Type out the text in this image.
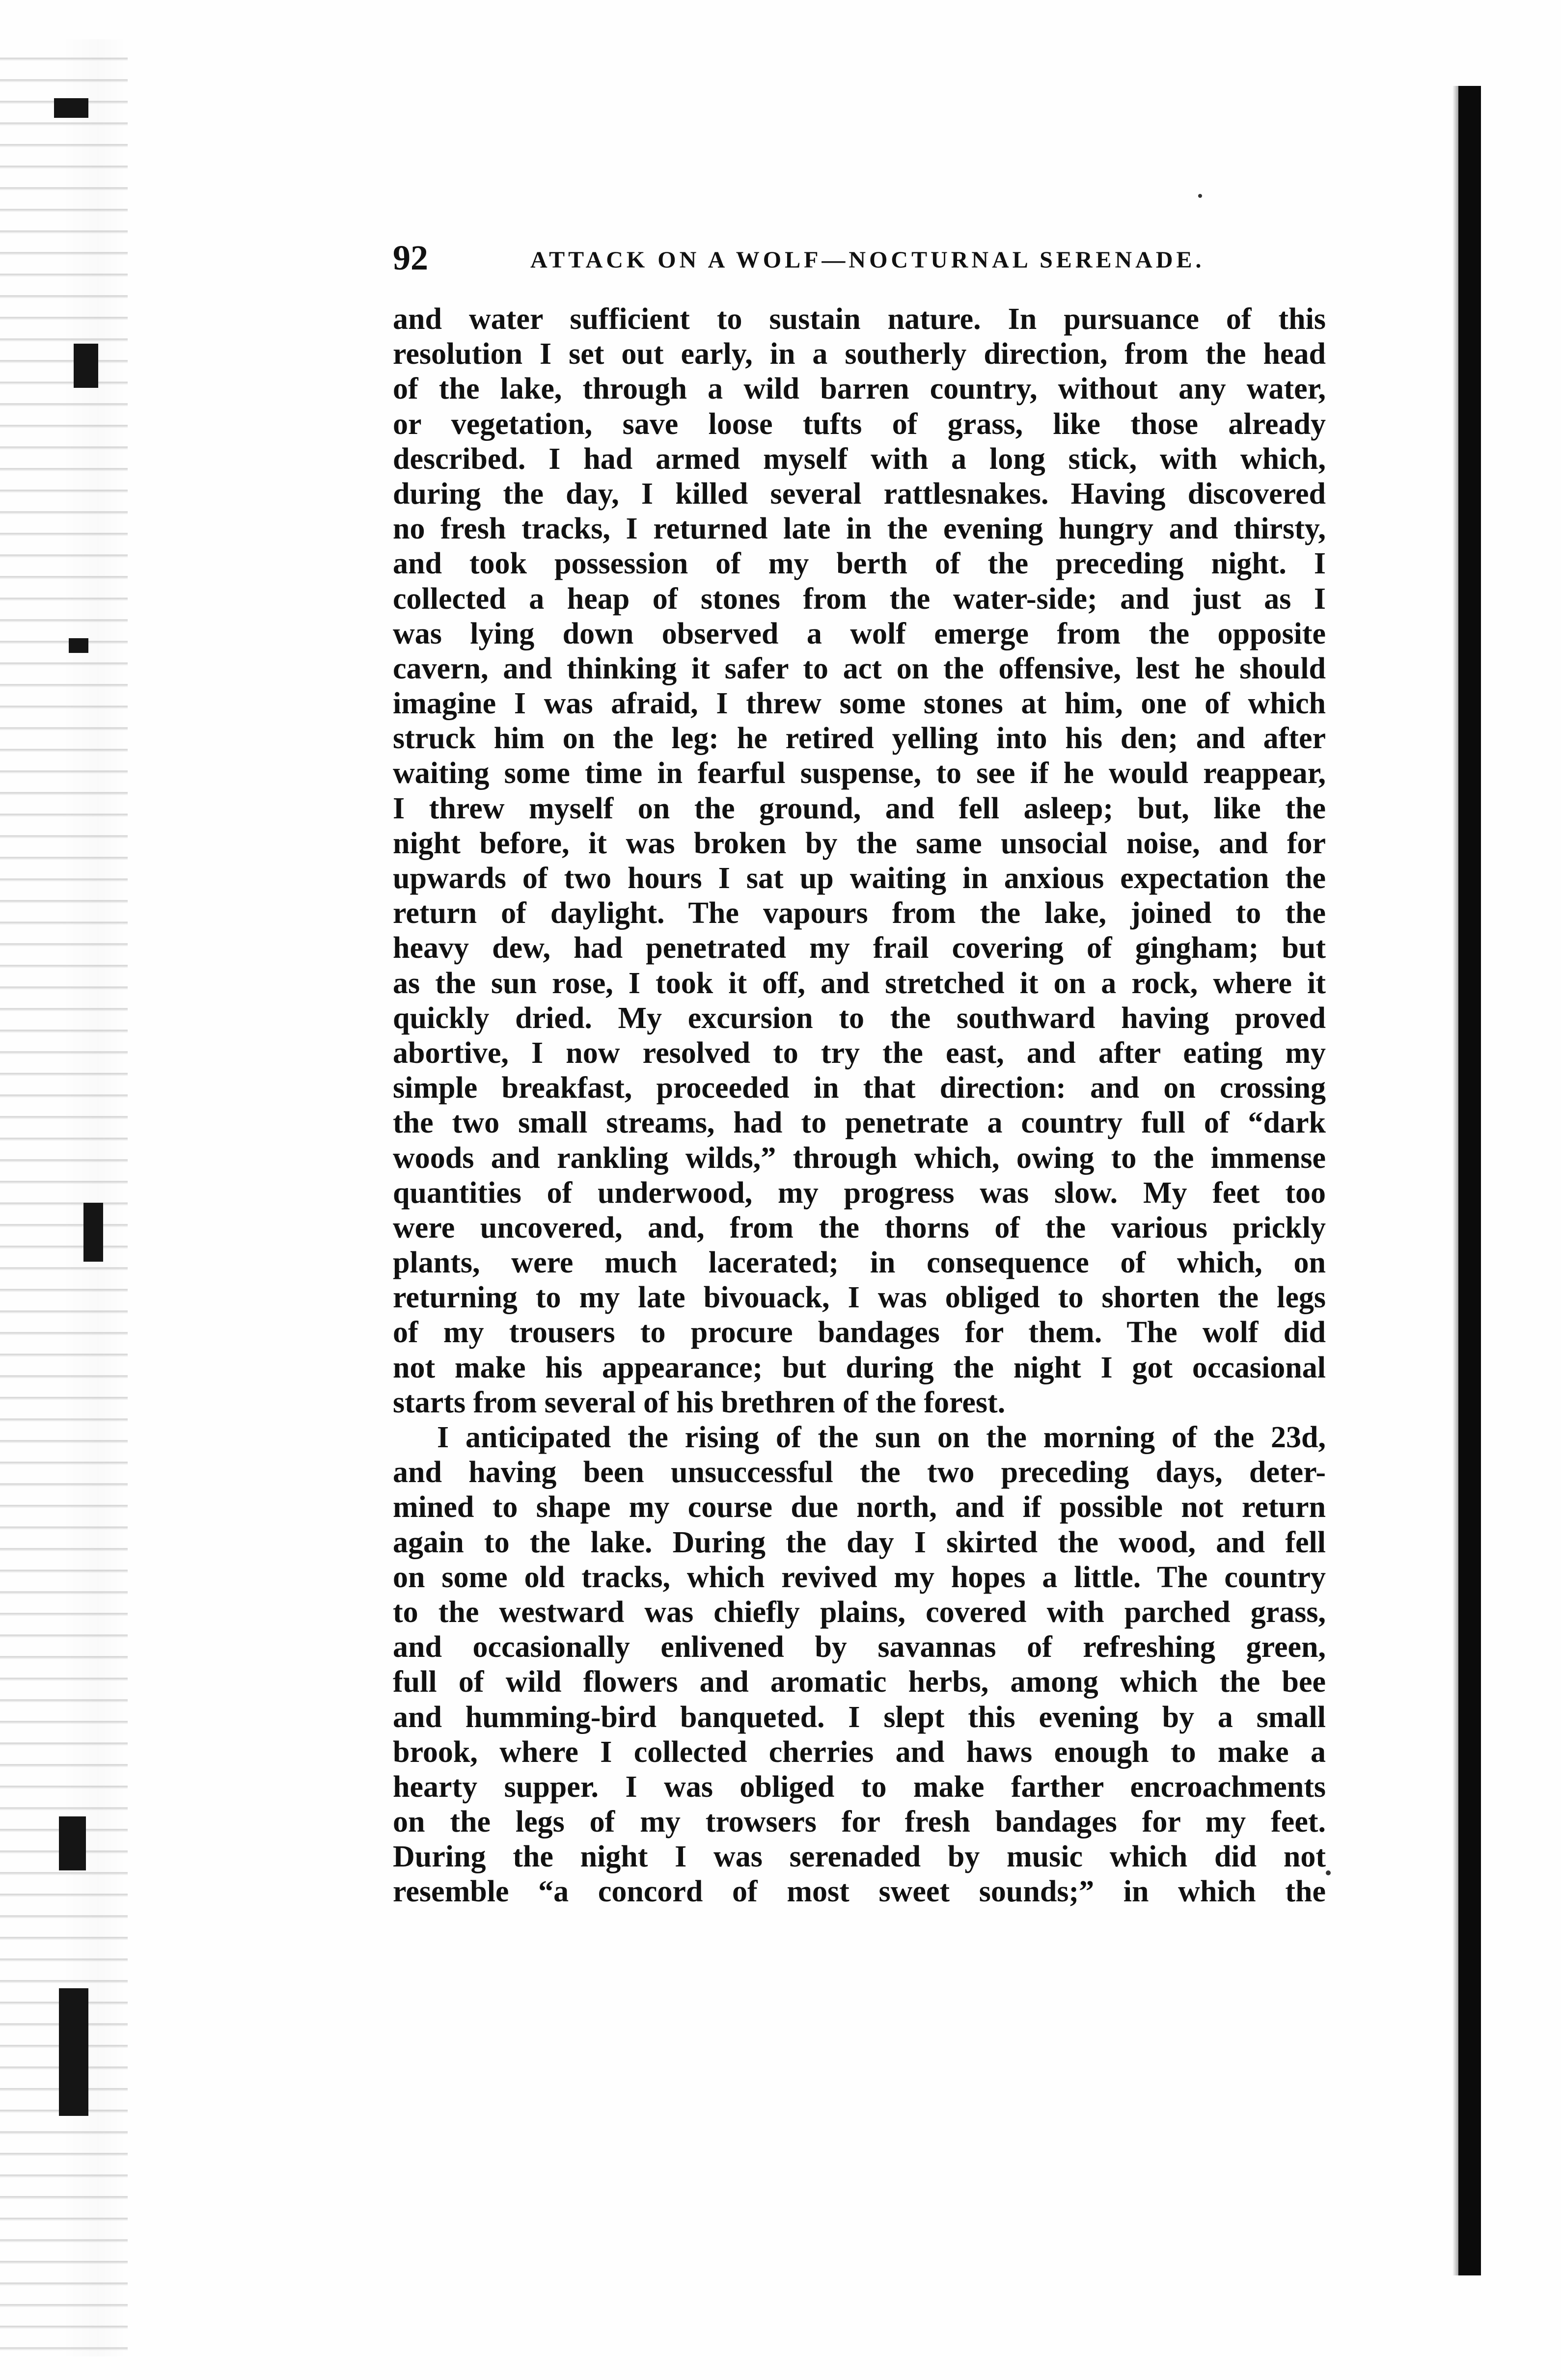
92	ATTACK ON A WOLF—NOCTURNAL SERENADE.
and water sufficient to sustain nature. In pursuance of this
resolution I set out early, in a southerly direction, from the head
of the lake, through a wild barren country, without any water,
or vegetation, save loose tufts of grass, like those already
described. I had armed myself with a long stick, with which,
during the day, I killed several rattlesnakes. Having discovered
no fresh tracks, I returned late in the evening hungry and thirsty,
and took possession of my berth of the preceding night. I
collected a heap of stones from the water-side; and just as I
was lying down observed a wolf emerge from the opposite
cavern, and thinking it safer to act on the offensive, lest he should
imagine I was afraid, I threw some stones at him, one of which
struck him on the leg: he retired yelling into his den; and after
waiting some time in fearful suspense, to see if he would reappear,
I threw myself on the ground, and fell asleep; but, like the
night before, it was broken by the same unsocial noise, and for
upwards of two hours I sat up waiting in anxious expectation the
return of daylight. The vapours from the lake, joined to the
heavy dew, had penetrated my frail covering of gingham; but
as the sun rose, I took it off, and stretched it on a rock, where it
quickly dried. My excursion to the southward having proved
abortive, I now resolved to try the east, and after eating my
simple breakfast, proceeded in that direction: and on crossing
the two small streams, had to penetrate a country full of “dark
woods and rankling wilds,” through which, owing to the immense
quantities of underwood, my progress was slow. My feet too
were uncovered, and, from the thorns of the various prickly
plants, were much lacerated; in consequence of which, on
returning to my late bivouack, I was obliged to shorten the legs
of my trousers to procure bandages for them. The wolf did
not make his appearance; but during the night I got occasional
starts from several of his brethren of the forest.
I anticipated the rising of the sun on the morning of the 23d,
and having been unsuccessful the two preceding days, deter-
mined to shape my course due north, and if possible not return
again to the lake. During the day I skirted the wood, and fell
on some old tracks, which revived my hopes a little. The country
to the westward was chiefly plains, covered with parched grass,
and occasionally enlivened by savannas of refreshing green,
full of wild flowers and aromatic herbs, among which the bee
and humming-bird banqueted. I slept this evening by a small
brook, where I collected cherries and haws enough to make a
hearty supper. I was obliged to make farther encroachments
on the legs of my trowsers for fresh bandages for my feet.
During the night I was serenaded by music which did not
resemble “a concord of most sweet sounds;” in which the
